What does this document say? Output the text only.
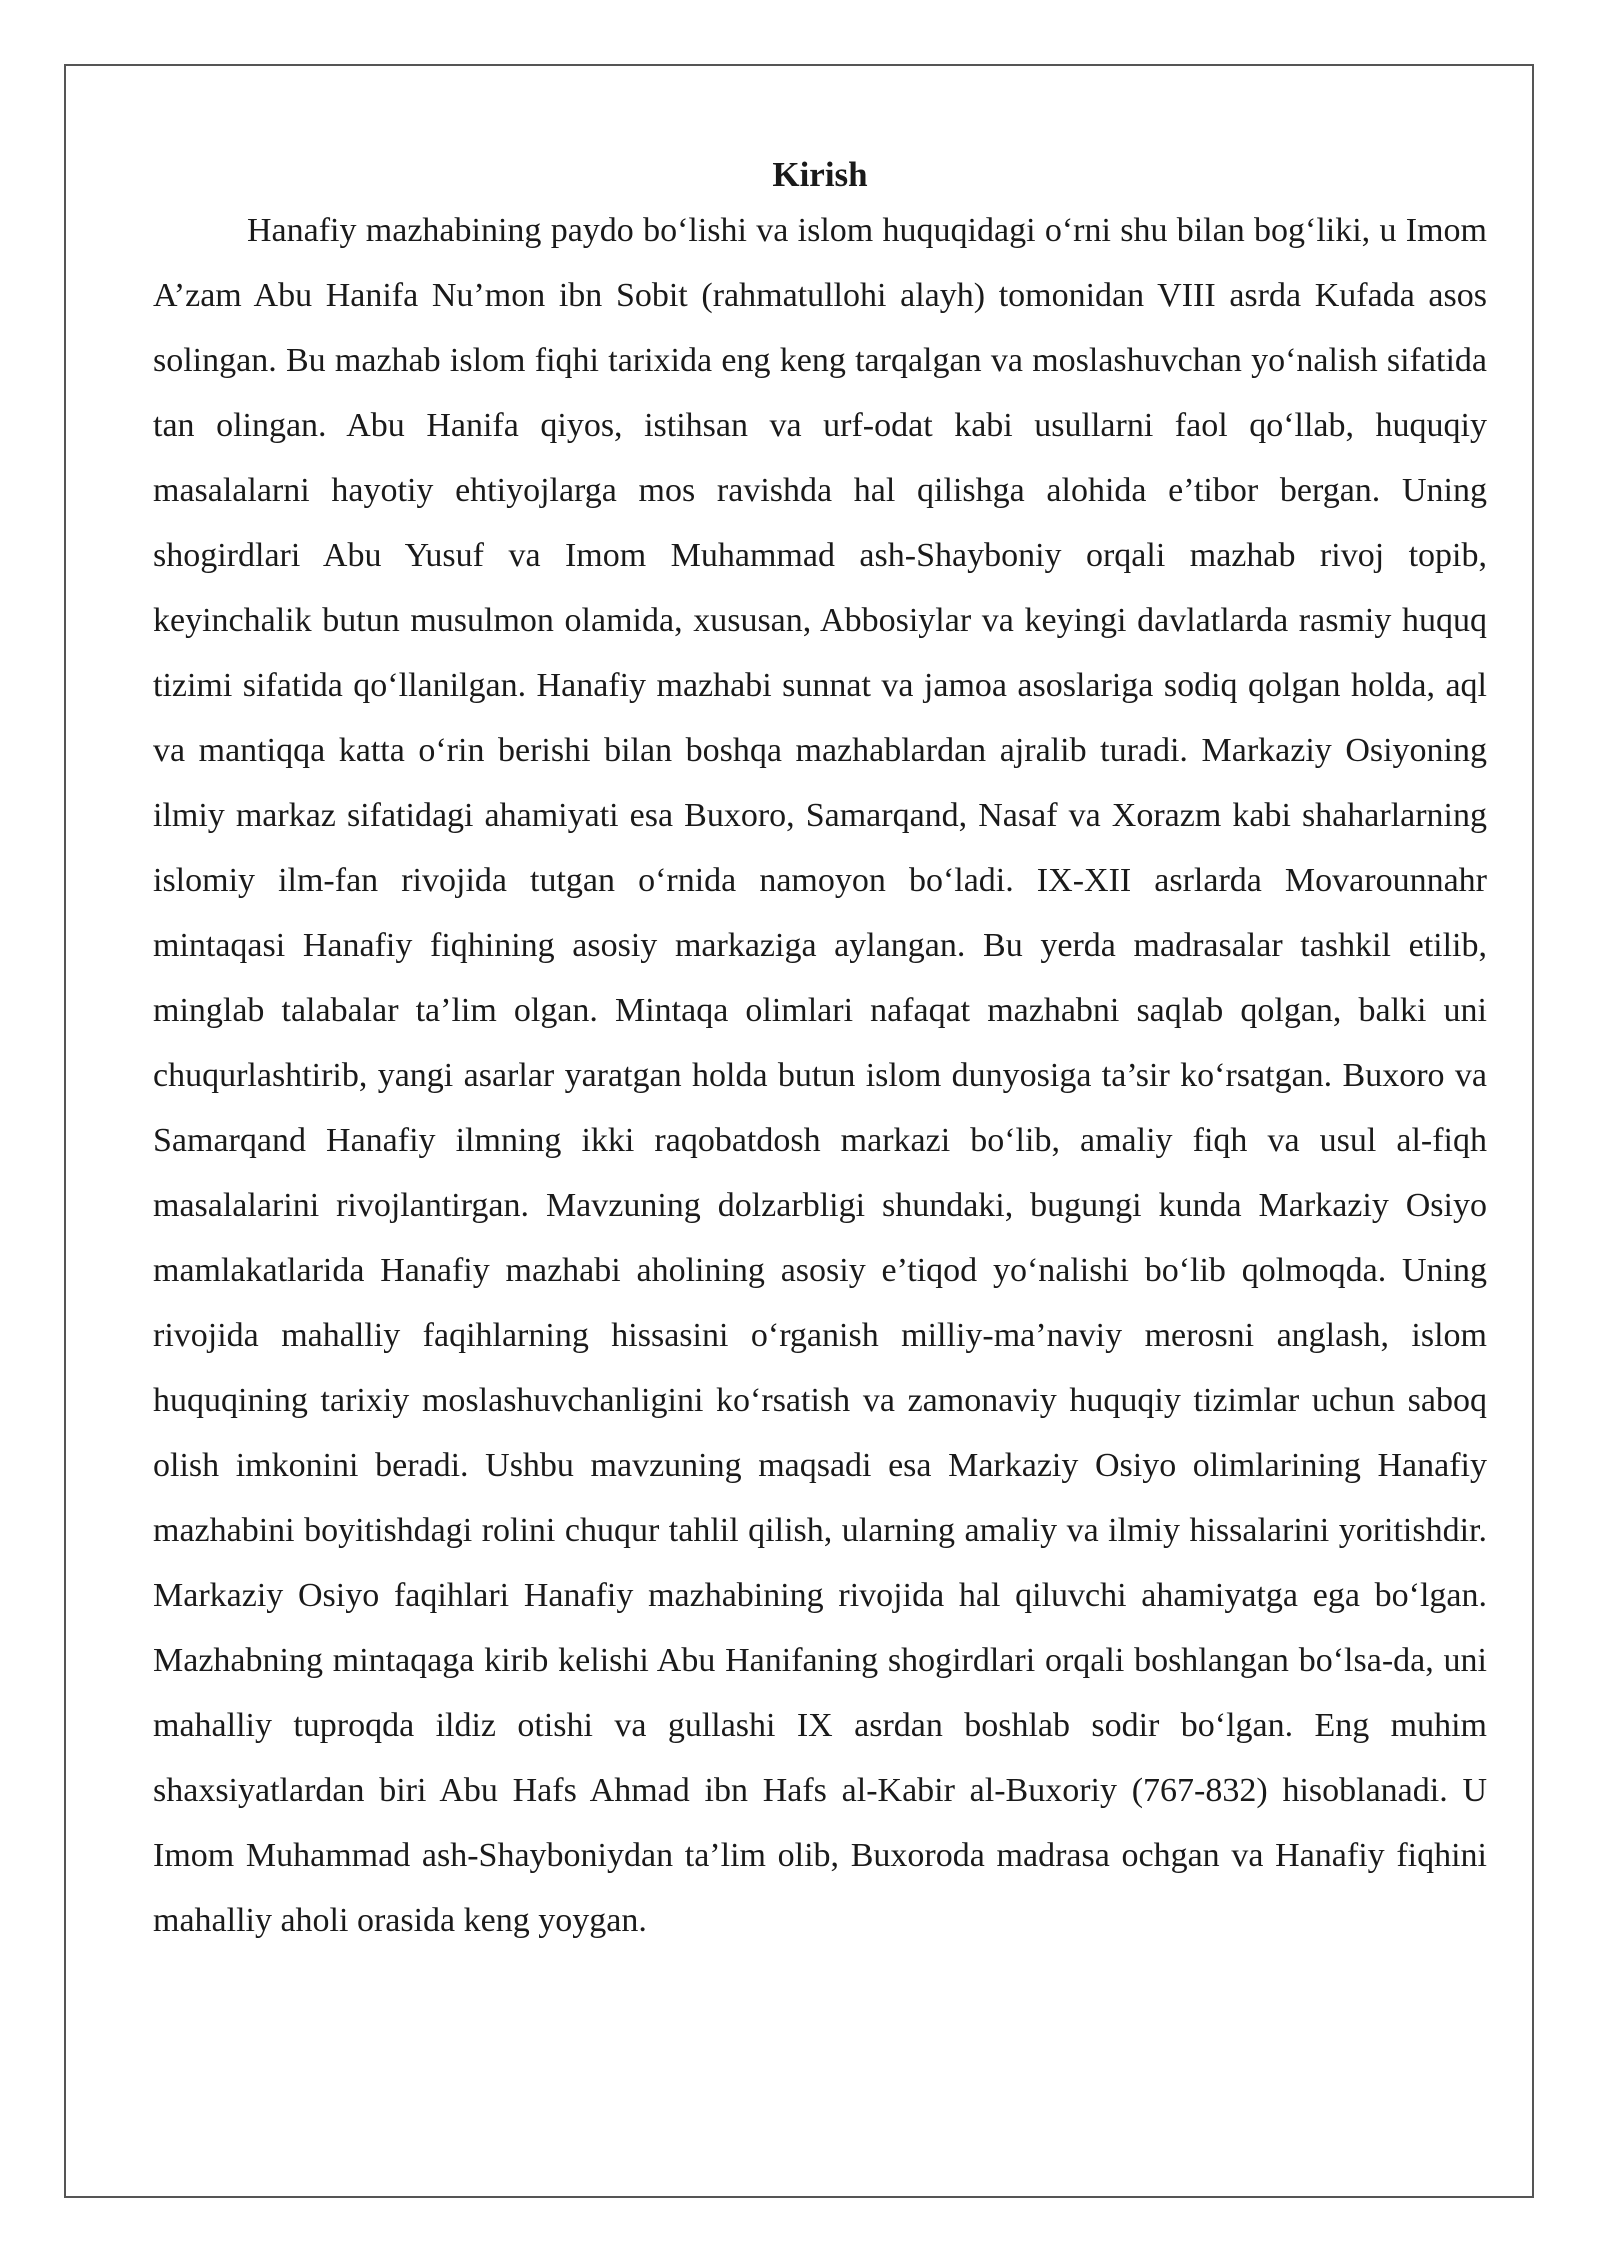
Kirish

Hanafiy mazhabining paydo boʻlishi va islom huquqidagi oʻrni shu bilan bogʻliki, u Imom A’zam Abu Hanifa Nu’mon ibn Sobit (rahmatullohi alayh) tomonidan VIII asrda Kufada asos solingan. Bu mazhab islom fiqhi tarixida eng keng tarqalgan va moslashuvchan yoʻnalish sifatida tan olingan. Abu Hanifa qiyos, istihsan va urf-odat kabi usullarni faol qoʻllab, huquqiy masalalarni hayotiy ehtiyojlarga mos ravishda hal qilishga alohida e’tibor bergan. Uning shogirdlari Abu Yusuf va Imom Muhammad ash-Shayboniy orqali mazhab rivoj topib, keyinchalik butun musulmon olamida, xususan, Abbosiylar va keyingi davlatlarda rasmiy huquq tizimi sifatida qoʻllanilgan. Hanafiy mazhabi sunnat va jamoa asoslariga sodiq qolgan holda, aql va mantiqqa katta oʻrin berishi bilan boshqa mazhablardan ajralib turadi. Markaziy Osiyoning ilmiy markaz sifatidagi ahamiyati esa Buxoro, Samarqand, Nasaf va Xorazm kabi shaharlarning islomiy ilm-fan rivojida tutgan oʻrnida namoyon boʻladi. IX-XII asrlarda Movarounnahr mintaqasi Hanafiy fiqhining asosiy markaziga aylangan. Bu yerda madrasalar tashkil etilib, minglab talabalar ta’lim olgan. Mintaqa olimlari nafaqat mazhabni saqlab qolgan, balki uni chuqurlashtirib, yangi asarlar yaratgan holda butun islom dunyosiga ta’sir koʻrsatgan. Buxoro va Samarqand Hanafiy ilmning ikki raqobatdosh markazi boʻlib, amaliy fiqh va usul al-fiqh masalalarini rivojlantirgan. Mavzuning dolzarbligi shundaki, bugungi kunda Markaziy Osiyo mamlakatlarida Hanafiy mazhabi aholining asosiy e’tiqod yoʻnalishi boʻlib qolmoqda. Uning rivojida mahalliy faqihlarning hissasini oʻrganish milliy-ma’naviy merosni anglash, islom huquqining tarixiy moslashuvchanligini koʻrsatish va zamonaviy huquqiy tizimlar uchun saboq olish imkonini beradi. Ushbu mavzuning maqsadi esa Markaziy Osiyo olimlarining Hanafiy mazhabini boyitishdagi rolini chuqur tahlil qilish, ularning amaliy va ilmiy hissalarini yoritishdir. Markaziy Osiyo faqihlari Hanafiy mazhabining rivojida hal qiluvchi ahamiyatga ega boʻlgan. Mazhabning mintaqaga kirib kelishi Abu Hanifaning shogirdlari orqali boshlangan boʻlsa-da, uni mahalliy tuproqda ildiz otishi va gullashi IX asrdan boshlab sodir boʻlgan. Eng muhim shaxsiyatlardan biri Abu Hafs Ahmad ibn Hafs al-Kabir al-Buxoriy (767-832) hisoblanadi. U Imom Muhammad ash-Shayboniydan ta’lim olib, Buxoroda madrasa ochgan va Hanafiy fiqhini mahalliy aholi orasida keng yoygan.
